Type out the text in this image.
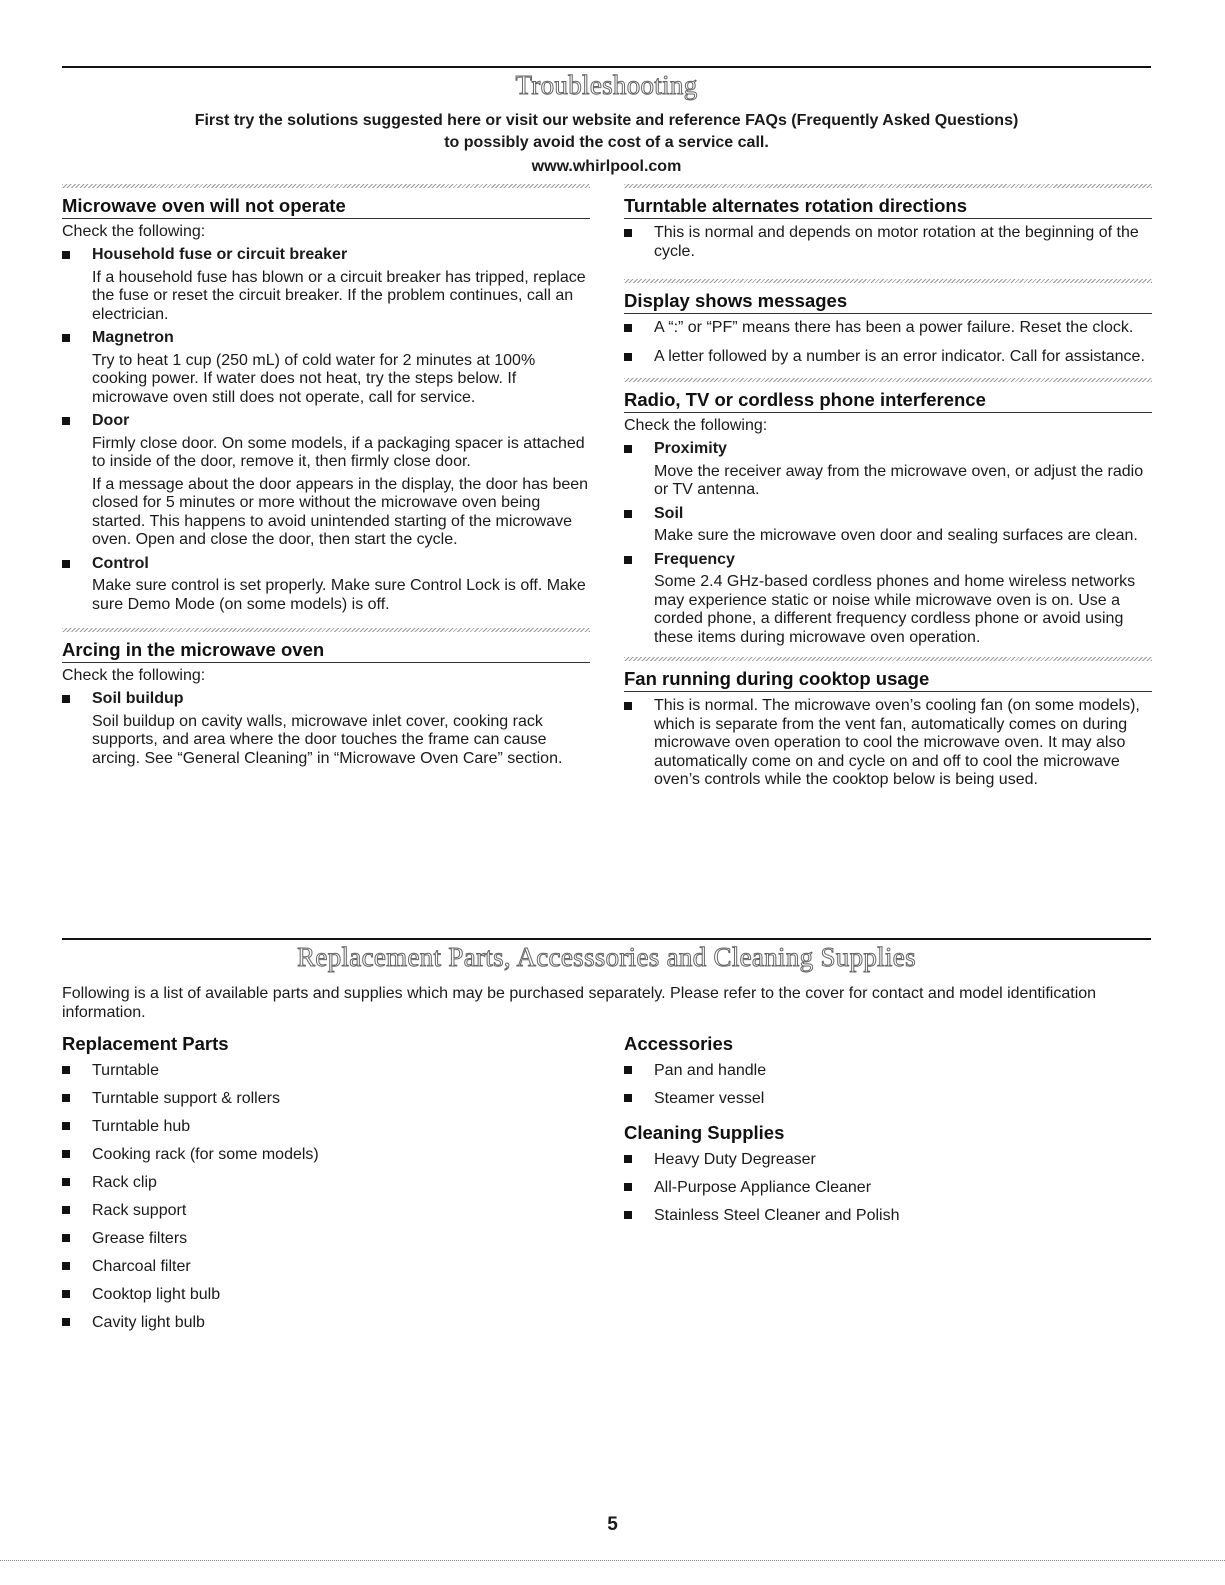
Troubleshooting
First try the solutions suggested here or visit our website and reference FAQs (Frequently Asked Questions)
to possibly avoid the cost of a service call.
www.whirlpool.com
Microwave oven will not operate

Check the following:

Household fuse or circuit breaker

If a household fuse has blown or a circuit breaker has tripped, replace the fuse or reset the circuit breaker. If the problem continues, call an electrician.

Magnetron

Try to heat 1 cup (250 mL) of cold water for 2 minutes at 100% cooking power. If water does not heat, try the steps below. If microwave oven still does not operate, call for service.

Door

Firmly close door. On some models, if a packaging spacer is attached to inside of the door, remove it, then firmly close door.

If a message about the door appears in the display, the door has been closed for 5 minutes or more without the microwave oven being started. This happens to avoid unintended starting of the microwave oven. Open and close the door, then start the cycle.

Control

Make sure control is set properly. Make sure Control Lock is off. Make sure Demo Mode (on some models) is off.

Arcing in the microwave oven

Check the following:

Soil buildup

Soil buildup on cavity walls, microwave inlet cover, cooking rack supports, and area where the door touches the frame can cause arcing. See “General Cleaning” in “Microwave Oven Care” section.

Turntable alternates rotation directions
This is normal and depends on motor rotation at the beginning of the cycle.
Display shows messages
A “:” or “PF” means there has been a power failure. Reset the clock.
A letter followed by a number is an error indicator. Call for assistance.
Radio, TV or cordless phone interference

Check the following:

Proximity

Move the receiver away from the microwave oven, or adjust the radio or TV antenna.

Soil

Make sure the microwave oven door and sealing surfaces are clean.

Frequency

Some 2.4 GHz-based cordless phones and home wireless networks may experience static or noise while microwave oven is on. Use a corded phone, a different frequency cordless phone or avoid using these items during microwave oven operation.

Fan running during cooktop usage
This is normal. The microwave oven’s cooling fan (on some models), which is separate from the vent fan, automatically comes on during microwave oven operation to cool the microwave oven. It may also automatically come on and cycle on and off to cool the microwave oven’s controls while the cooktop below is being used.
Replacement Parts, Accesssories and Cleaning Supplies
Following is a list of available parts and supplies which may be purchased separately. Please refer to the cover for contact and model identification information.
Replacement Parts
Turntable
Turntable support & rollers
Turntable hub
Cooking rack (for some models)
Rack clip
Rack support
Grease filters
Charcoal filter
Cooktop light bulb
Cavity light bulb
Accessories
Pan and handle
Steamer vessel
Cleaning Supplies
Heavy Duty Degreaser
All-Purpose Appliance Cleaner
Stainless Steel Cleaner and Polish
5
